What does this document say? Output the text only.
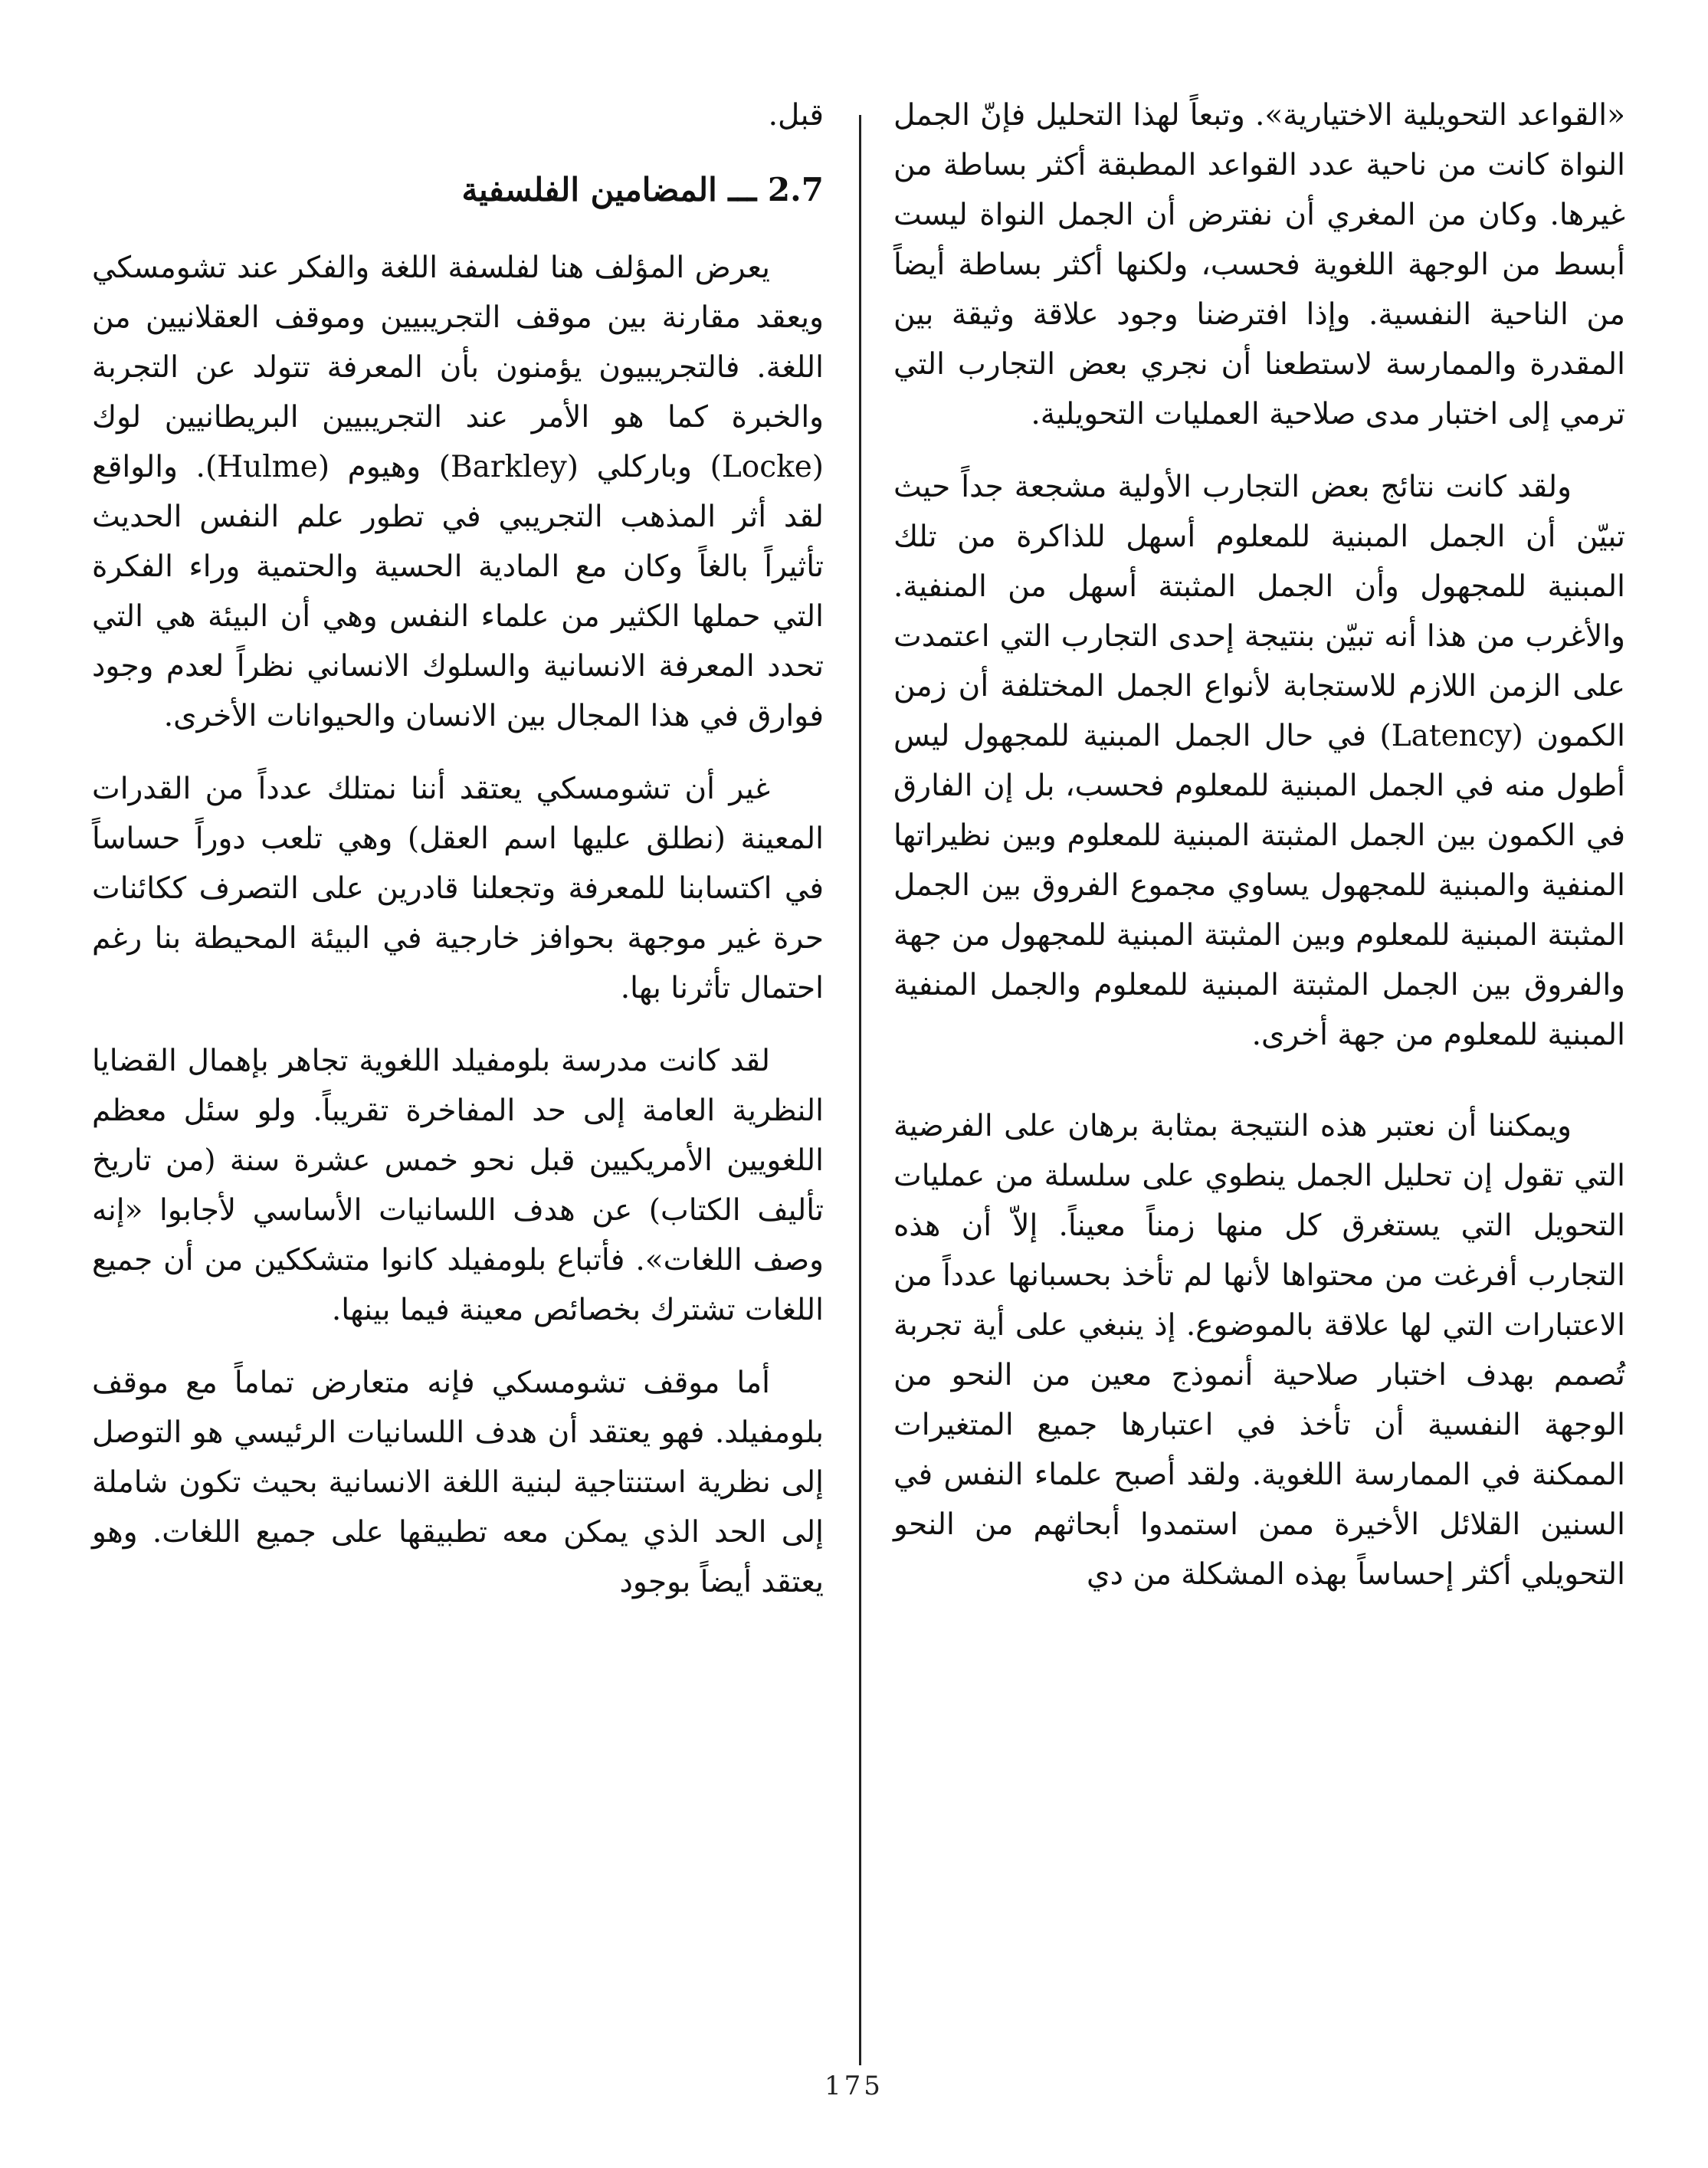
«القواعد التحويلية الاختيارية». وتبعاً لهذا التحليل فإنّ الجمل النواة كانت من ناحية عدد القواعد المطبقة أكثر بساطة من غيرها. وكان من المغري أن نفترض أن الجمل النواة ليست أبسط من الوجهة اللغوية فحسب، ولكنها أكثر بساطة أيضاً من الناحية النفسية. وإذا افترضنا وجود علاقة وثيقة بين المقدرة والممارسة لاستطعنا أن نجري بعض التجارب التي ترمي إلى اختبار مدى صلاحية العمليات التحويلية.

ولقد كانت نتائج بعض التجارب الأولية مشجعة جداً حيث تبيّن أن الجمل المبنية للمعلوم أسهل للذاكرة من تلك المبنية للمجهول وأن الجمل المثبتة أسهل من المنفية. والأغرب من هذا أنه تبيّن بنتيجة إحدى التجارب التي اعتمدت على الزمن اللازم للاستجابة لأنواع الجمل المختلفة أن زمن الكمون (Latency) في حال الجمل المبنية للمجهول ليس أطول منه في الجمل المبنية للمعلوم فحسب، بل إن الفارق في الكمون بين الجمل المثبتة المبنية للمعلوم وبين نظيراتها المنفية والمبنية للمجهول يساوي مجموع الفروق بين الجمل المثبتة المبنية للمعلوم وبين المثبتة المبنية للمجهول من جهة والفروق بين الجمل المثبتة المبنية للمعلوم والجمل المنفية المبنية للمعلوم من جهة أخرى.

ويمكننا أن نعتبر هذه النتيجة بمثابة برهان على الفرضية التي تقول إن تحليل الجمل ينطوي على سلسلة من عمليات التحويل التي يستغرق كل منها زمناً معيناً. إلاّ أن هذه التجارب أفرغت من محتواها لأنها لم تأخذ بحسبانها عدداً من الاعتبارات التي لها علاقة بالموضوع. إذ ينبغي على أية تجربة تُصمم بهدف اختبار صلاحية أنموذج معين من النحو من الوجهة النفسية أن تأخذ في اعتبارها جميع المتغيرات الممكنة في الممارسة اللغوية. ولقد أصبح علماء النفس في السنين القلائل الأخيرة ممن استمدوا أبحاثهم من النحو التحويلي أكثر إحساساً بهذه المشكلة من دي

قبل.

2.7 ـــ المضامين الفلسفية

يعرض المؤلف هنا لفلسفة اللغة والفكر عند تشومسكي ويعقد مقارنة بين موقف التجريبيين وموقف العقلانيين من اللغة. فالتجريبيون يؤمنون بأن المعرفة تتولد عن التجربة والخبرة كما هو الأمر عند التجريبيين البريطانيين لوك (Locke) وباركلي (Barkley) وهيوم (Hulme). والواقع لقد أثر المذهب التجريبي في تطور علم النفس الحديث تأثيراً بالغاً وكان مع المادية الحسية والحتمية وراء الفكرة التي حملها الكثير من علماء النفس وهي أن البيئة هي التي تحدد المعرفة الانسانية والسلوك الانساني نظراً لعدم وجود فوارق في هذا المجال بين الانسان والحيوانات الأخرى.

غير أن تشومسكي يعتقد أننا نمتلك عدداً من القدرات المعينة (نطلق عليها اسم العقل) وهي تلعب دوراً حساساً في اكتسابنا للمعرفة وتجعلنا قادرين على التصرف ككائنات حرة غير موجهة بحوافز خارجية في البيئة المحيطة بنا رغم احتمال تأثرنا بها.

لقد كانت مدرسة بلومفيلد اللغوية تجاهر بإهمال القضايا النظرية العامة إلى حد المفاخرة تقريباً. ولو سئل معظم اللغويين الأمريكيين قبل نحو خمس عشرة سنة (من تاريخ تأليف الكتاب) عن هدف اللسانيات الأساسي لأجابوا «إنه وصف اللغات». فأتباع بلومفيلد كانوا متشككين من أن جميع اللغات تشترك بخصائص معينة فيما بينها.

أما موقف تشومسكي فإنه متعارض تماماً مع موقف بلومفيلد. فهو يعتقد أن هدف اللسانيات الرئيسي هو التوصل إلى نظرية استنتاجية لبنية اللغة الانسانية بحيث تكون شاملة إلى الحد الذي يمكن معه تطبيقها على جميع اللغات. وهو يعتقد أيضاً بوجود

175
